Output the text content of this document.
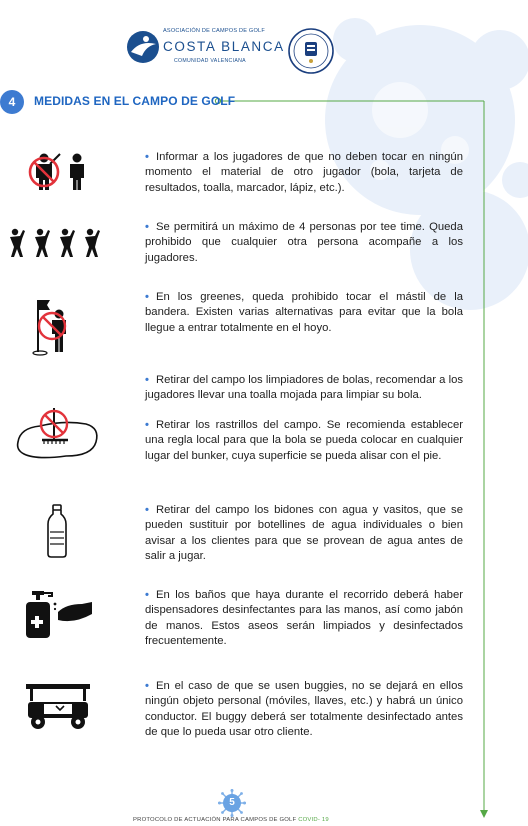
ASOCIACIÓN DE CAMPOS DE GOLF
COSTA BLANCA
COMUNIDAD VALENCIANA
4	MEDIDAS EN EL CAMPO DE GOLF
• Informar a los jugadores de que no deben tocar en ningún momento el material de otro jugador (bola, tarjeta de resultados, toalla, marcador, lápiz, etc.).
• Se permitirá un máximo de 4 personas por tee time. Queda prohibido que cualquier otra persona acompañe a los jugadores.
• En los greenes, queda prohibido tocar el mástil de la bandera. Existen varias alternativas para evitar que la bola llegue a entrar totalmente en el hoyo.
• Retirar del campo los limpiadores de bolas, recomendar a los jugadores llevar una toalla mojada para limpiar su bola.
• Retirar los rastrillos del campo. Se recomienda establecer una regla local para que la bola se pueda colocar en cualquier lugar del bunker, cuya superficie se pueda alisar con el pie.
• Retirar del campo los bidones con agua y vasitos, que se pueden sustituir por botellines de agua individuales o bien avisar a los clientes para que se provean de agua antes de salir a jugar.
• En los baños que haya durante el recorrido deberá haber dispensadores desinfectantes para las manos, así como jabón de manos. Estos aseos serán limpiados y desinfectados frecuentemente.
• En el caso de que se usen buggies, no se dejará en ellos ningún objeto personal (móviles, llaves, etc.) y habrá un único conductor. El buggy deberá ser totalmente desinfectado antes de que lo pueda usar otro cliente.
5
PROTOCOLO DE ACTUACIÓN PARA CAMPOS DE GOLF COVID- 19
